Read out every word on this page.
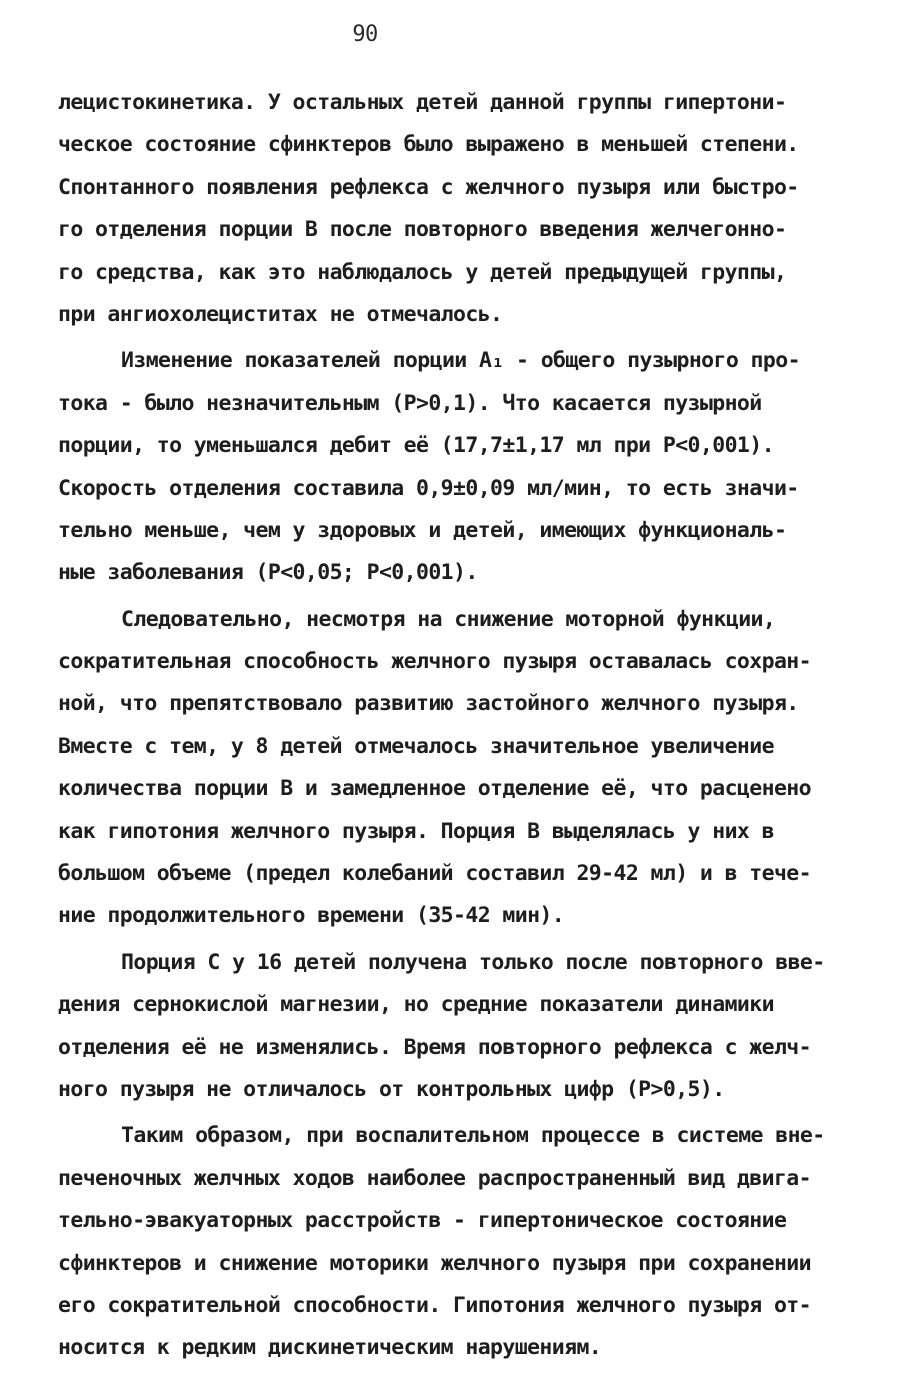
90
лецистокинетика. У остальных детей данной группы гипертони-
ческое состояние сфинктеров было выражено в меньшей степени.
Спонтанного появления рефлекса с желчного пузыря или быстро-
го отделения порции В после повторного введения желчегонно-
го средства, как это наблюдалось у детей предыдущей группы,
при ангиохолециститах не отмечалось.
Изменение показателей порции A₁ - общего пузырного про-
тока - было незначительным (P>0,1). Что касается пузырной
порции, то уменьшался дебит её (17,7±1,17 мл при P<0,001).
Скорость отделения составила 0,9±0,09 мл/мин, то есть значи-
тельно меньше, чем у здоровых и детей, имеющих функциональ-
ные заболевания (P<0,05; P<0,001).
Следовательно, несмотря на снижение моторной функции,
сократительная способность желчного пузыря оставалась сохран-
ной, что препятствовало развитию застойного желчного пузыря.
Вместе с тем, у 8 детей отмечалось значительное увеличение
количества порции В и замедленное отделение её, что расценено
как гипотония желчного пузыря. Порция В выделялась у них в
большом объеме (предел колебаний составил 29-42 мл) и в тече-
ние продолжительного времени (35-42 мин).
Порция С у 16 детей получена только после повторного вве-
дения сернокислой магнезии, но средние показатели динамики
отделения её не изменялись. Время повторного рефлекса с желч-
ного пузыря не отличалось от контрольных цифр (P>0,5).
Таким образом, при воспалительном процессе в системе вне-
печеночных желчных ходов наиболее распространенный вид двига-
тельно-эвакуаторных расстройств - гипертоническое состояние
сфинктеров и снижение моторики желчного пузыря при сохранении
его сократительной способности. Гипотония желчного пузыря от-
носится к редким дискинетическим нарушениям.
